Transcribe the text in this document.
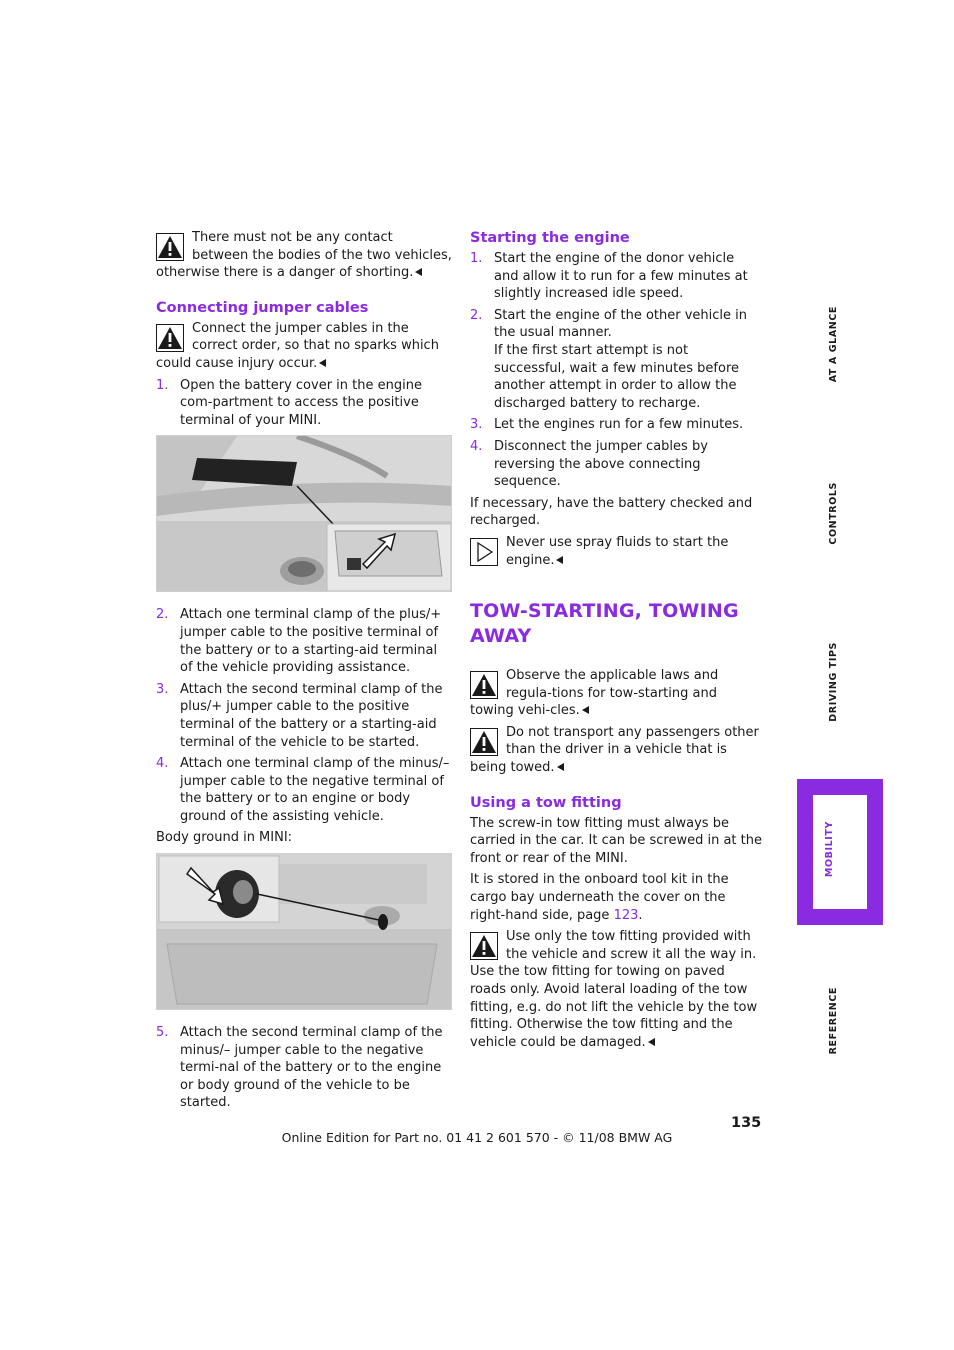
There must not be any contact between the bodies of the two vehicles, otherwise there is a danger of shorting.
Connecting jumper cables
Connect the jumper cables in the correct order, so that no sparks which could cause injury occur.
1. Open the battery cover in the engine com-partment to access the positive terminal of your MINI.
2. Attach one terminal clamp of the plus/+ jumper cable to the positive terminal of the battery or to a starting-aid terminal of the vehicle providing assistance.
3. Attach the second terminal clamp of the plus/+ jumper cable to the positive terminal of the battery or a starting-aid terminal of the vehicle to be started.
4. Attach one terminal clamp of the minus/– jumper cable to the negative terminal of the battery or to an engine or body ground of the assisting vehicle.

Body ground in MINI:

5. Attach the second terminal clamp of the minus/– jumper cable to the negative termi-nal of the battery or to the engine or body ground of the vehicle to be started.
Starting the engine
1. Start the engine of the donor vehicle and allow it to run for a few minutes at slightly increased idle speed.
2. Start the engine of the other vehicle in the usual manner.
If the first start attempt is not successful, wait a few minutes before another attempt in order to allow the discharged battery to recharge.
3. Let the engines run for a few minutes.
4. Disconnect the jumper cables by reversing the above connecting sequence.

If necessary, have the battery checked and recharged.

Never use spray fluids to start the engine.
TOW-STARTING, TOWING AWAY
Observe the applicable laws and regula-tions for tow-starting and towing vehi-cles.
Do not transport any passengers other than the driver in a vehicle that is being towed.
Using a tow fitting

The screw-in tow fitting must always be carried in the car. It can be screwed in at the front or rear of the MINI.

It is stored in the onboard tool kit in the cargo bay underneath the cover on the right-hand side, page 123.

Use only the tow fitting provided with the vehicle and screw it all the way in. Use the tow fitting for towing on paved roads only. Avoid lateral loading of the tow fitting, e.g. do not lift the vehicle by the tow fitting. Otherwise the tow fitting and the vehicle could be damaged.
AT A GLANCE
CONTROLS
DRIVING TIPS
MOBILITY
REFERENCE
135
Online Edition for Part no. 01 41 2 601 570 - © 11/08 BMW AG
